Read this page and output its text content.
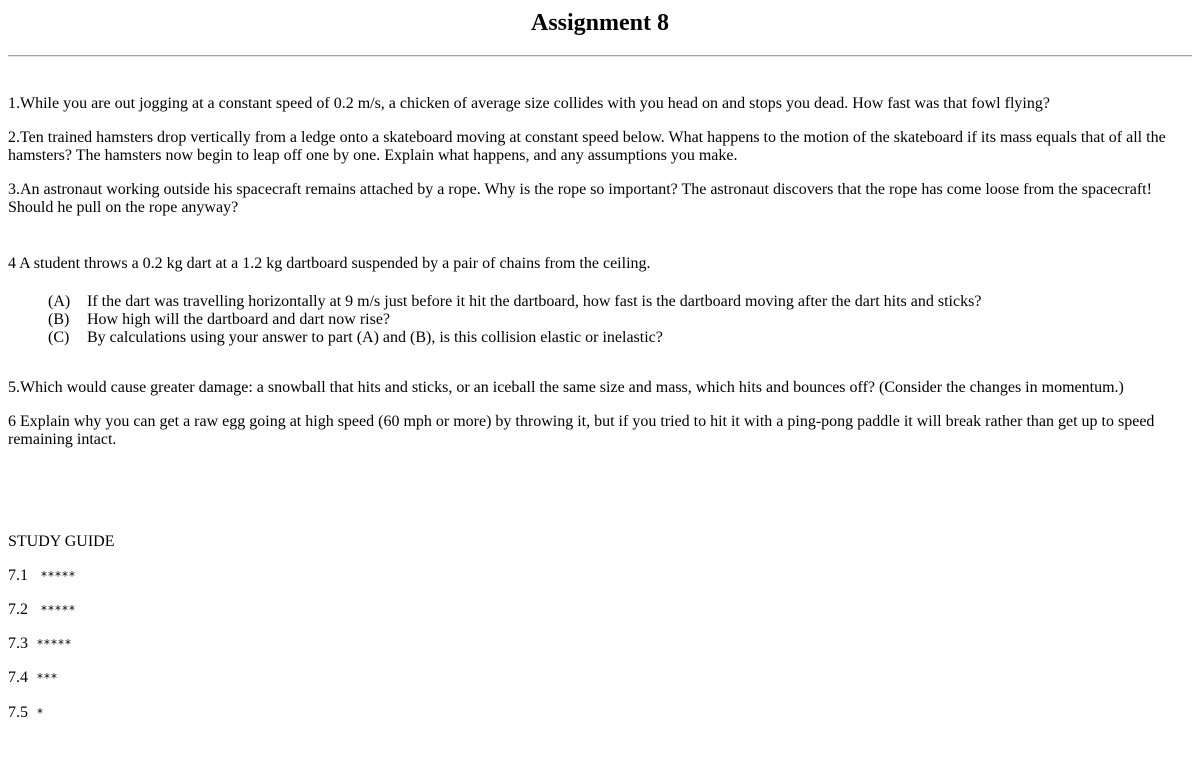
Assignment 8

1.While you are out jogging at a constant speed of 0.2 m/s, a chicken of average size collides with you head on and stops you dead. How fast was that fowl flying?

2.Ten trained hamsters drop vertically from a ledge onto a skateboard moving at constant speed below. What happens to the motion of the skateboard if its mass equals that of all the hamsters? The hamsters now begin to leap off one by one. Explain what happens, and any assumptions you make.

3.An astronaut working outside his spacecraft remains attached by a rope. Why is the rope so important? The astronaut discovers that the rope has come loose from the spacecraft! Should he pull on the rope anyway?

4 A student throws a 0.2 kg dart at a 1.2 kg dartboard suspended by a pair of chains from the ceiling.

(A) If the dart was travelling horizontally at 9 m/s just before it hit the dartboard, how fast is the dartboard moving after the dart hits and sticks?

(B) How high will the dartboard and dart now rise?

(C) By calculations using your answer to part (A) and (B), is this collision elastic or inelastic?

5.Which would cause greater damage: a snowball that hits and sticks, or an iceball the same size and mass, which hits and bounces off? (Consider the changes in momentum.)

6 Explain why you can get a raw egg going at high speed (60 mph or more) by throwing it, but if you tried to hit it with a ping-pong paddle it will break rather than get up to speed remaining intact.

STUDY GUIDE

7.1 *****

7.2 *****

7.3 *****

7.4 ***

7.5 *
